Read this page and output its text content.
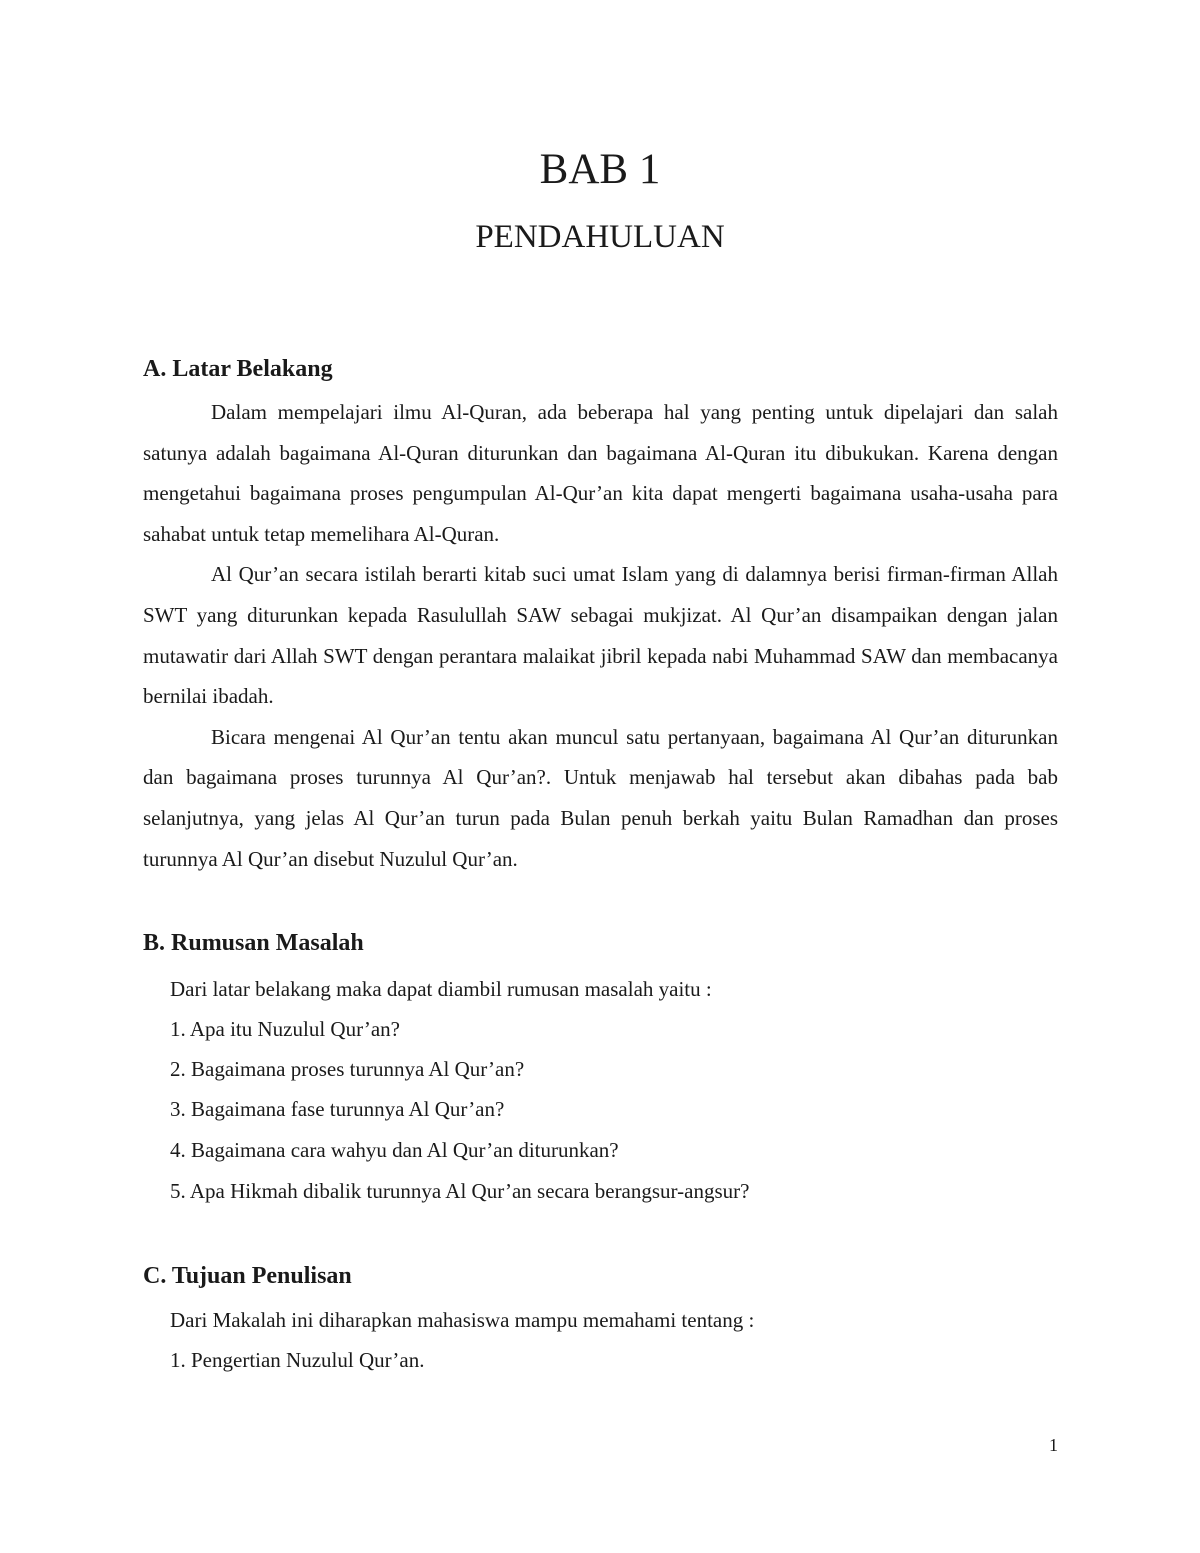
BAB 1
PENDAHULUAN
A. Latar Belakang

Dalam mempelajari ilmu Al-Quran, ada beberapa hal yang penting untuk dipelajari dan salah satunya adalah bagaimana Al-Quran diturunkan dan bagaimana Al-Quran itu dibukukan. Karena dengan mengetahui bagaimana proses pengumpulan Al-Qur’an kita dapat mengerti bagaimana usaha-usaha para sahabat untuk tetap memelihara Al-Quran.

Al Qur’an secara istilah berarti kitab suci umat Islam yang di dalamnya berisi firman-firman Allah SWT yang diturunkan kepada Rasulullah SAW sebagai mukjizat. Al Qur’an disampaikan dengan jalan mutawatir dari Allah SWT dengan perantara malaikat jibril kepada nabi Muhammad SAW dan membacanya bernilai ibadah.

Bicara mengenai Al Qur’an tentu akan muncul satu pertanyaan, bagaimana Al Qur’an diturunkan dan bagaimana proses turunnya Al Qur’an?. Untuk menjawab hal tersebut akan dibahas pada bab selanjutnya, yang jelas Al Qur’an turun pada Bulan penuh berkah yaitu Bulan Ramadhan dan proses turunnya Al Qur’an disebut Nuzulul Qur’an.

B. Rumusan Masalah
Dari latar belakang maka dapat diambil rumusan masalah yaitu :
1. Apa itu Nuzulul Qur’an?
2. Bagaimana proses turunnya Al Qur’an?
3. Bagaimana fase turunnya Al Qur’an?
4. Bagaimana cara wahyu dan Al Qur’an diturunkan?
5. Apa Hikmah dibalik turunnya Al Qur’an secara berangsur-angsur?
C. Tujuan Penulisan
Dari Makalah ini diharapkan mahasiswa mampu memahami tentang :
1. Pengertian Nuzulul Qur’an.
1
